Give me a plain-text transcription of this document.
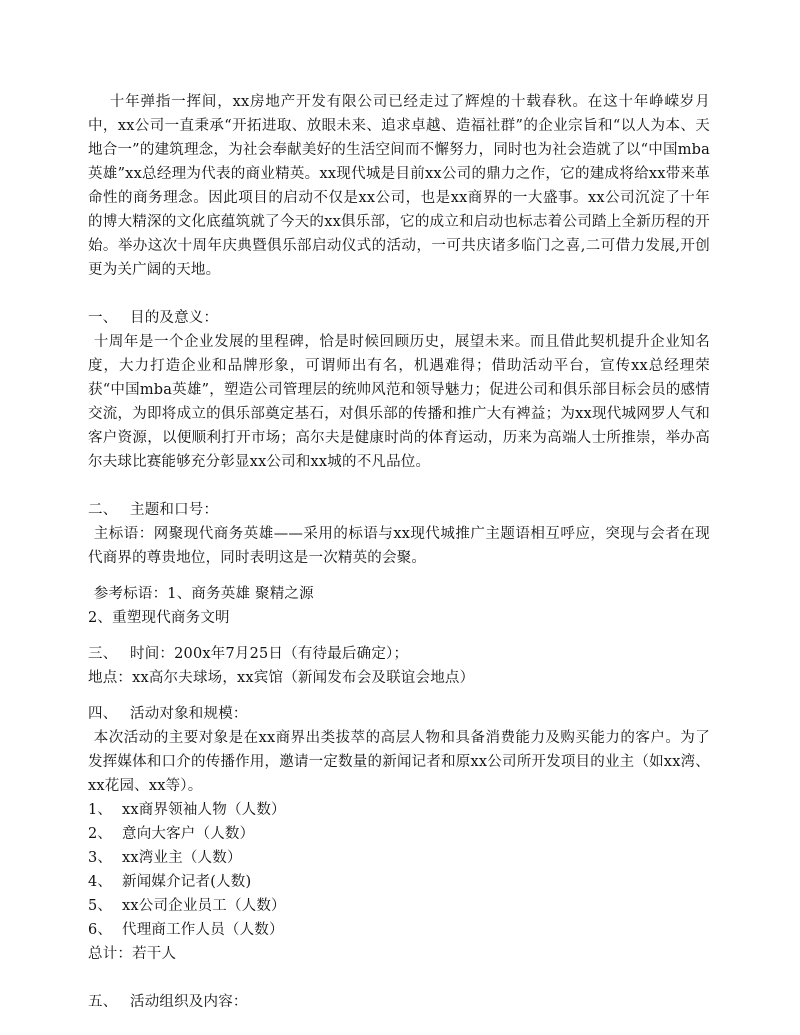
十年弹指一挥间，xx房地产开发有限公司已经走过了辉煌的十载春秋。在这十年峥嵘岁月中，xx公司一直秉承“开拓进取、放眼未来、追求卓越、造福社群”的企业宗旨和“以人为本、天地合一”的建筑理念，为社会奉献美好的生活空间而不懈努力，同时也为社会造就了以“中国mba英雄”xx总经理为代表的商业精英。xx现代城是目前xx公司的鼎力之作，它的建成将给xx带来革命性的商务理念。因此项目的启动不仅是xx公司，也是xx商界的一大盛事。xx公司沉淀了十年的博大精深的文化底蕴筑就了今天的xx俱乐部，它的成立和启动也标志着公司踏上全新历程的开始。举办这次十周年庆典暨俱乐部启动仪式的活动，一可共庆诸多临门之喜,二可借力发展,开创更为关广阔的天地。

一、 目的及意义：

十周年是一个企业发展的里程碑，恰是时候回顾历史，展望未来。而且借此契机提升企业知名度，大力打造企业和品牌形象，可谓师出有名，机遇难得；借助活动平台，宣传xx总经理荣获“中国mba英雄”，塑造公司管理层的统帅风范和领导魅力；促进公司和俱乐部目标会员的感情交流，为即将成立的俱乐部奠定基石，对俱乐部的传播和推广大有裨益；为xx现代城网罗人气和客户资源，以便顺利打开市场；高尔夫是健康时尚的体育运动，历来为高端人士所推崇，举办高尔夫球比赛能够充分彰显xx公司和xx城的不凡品位。

二、 主题和口号：

主标语：网聚现代商务英雄——采用的标语与xx现代城推广主题语相互呼应，突现与会者在现代商界的尊贵地位，同时表明这是一次精英的会聚。

参考标语：1、商务英雄 聚精之源
2、重塑现代商务文明
三、 时间：200x年7月25日（有待最后确定）；
地点：xx高尔夫球场，xx宾馆（新闻发布会及联谊会地点）
四、 活动对象和规模：

本次活动的主要对象是在xx商界出类拔萃的高层人物和具备消费能力及购买能力的客户。为了发挥媒体和口介的传播作用，邀请一定数量的新闻记者和原xx公司所开发项目的业主（如xx湾、xx花园、xx等）。

1、 xx商界领袖人物（人数）
2、 意向大客户（人数）
3、 xx湾业主（人数）
4、 新闻媒介记者(人数)
5、 xx公司企业员工（人数）
6、 代理商工作人员（人数）
总计：若干人
五、 活动组织及内容：
